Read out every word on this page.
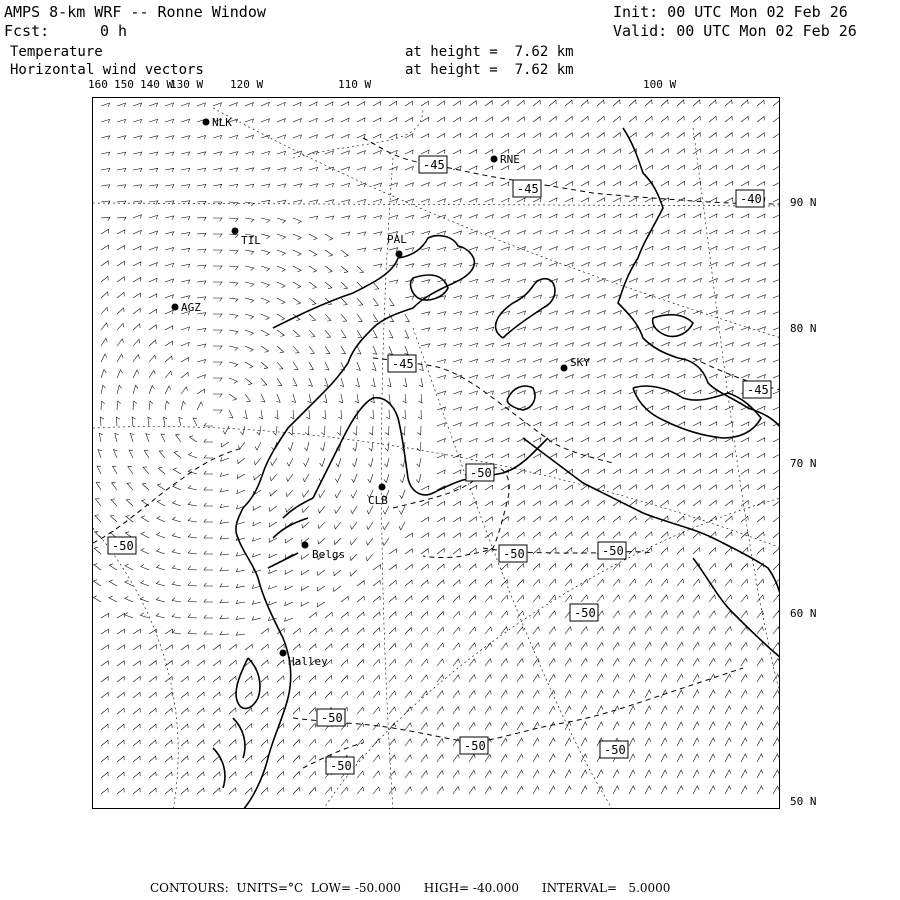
AMPS 8-km WRF -- Ronne Window	Init: 00 UTC Mon 02 Feb 26
Fcst:	0 h	Valid: 00 UTC Mon 02 Feb 26
Temperature
Horizontal wind vectors
at height =  7.62 km
at height =  7.62 km
160 150 140 W
130 W 120 W	110 W	100 W
90 N
80 N
70 N
60 N
50 N
-45
-45
-40
-45
-45
-50
-50
-50	-50
-50
-50
-50	-50
-50
NLK
RNE
TIL	PAL
AGZ
SKY
CLB
Belgs
Halley
CONTOURS:  UNITS=°C  LOW= -50.000      HIGH= -40.000      INTERVAL=   5.0000
